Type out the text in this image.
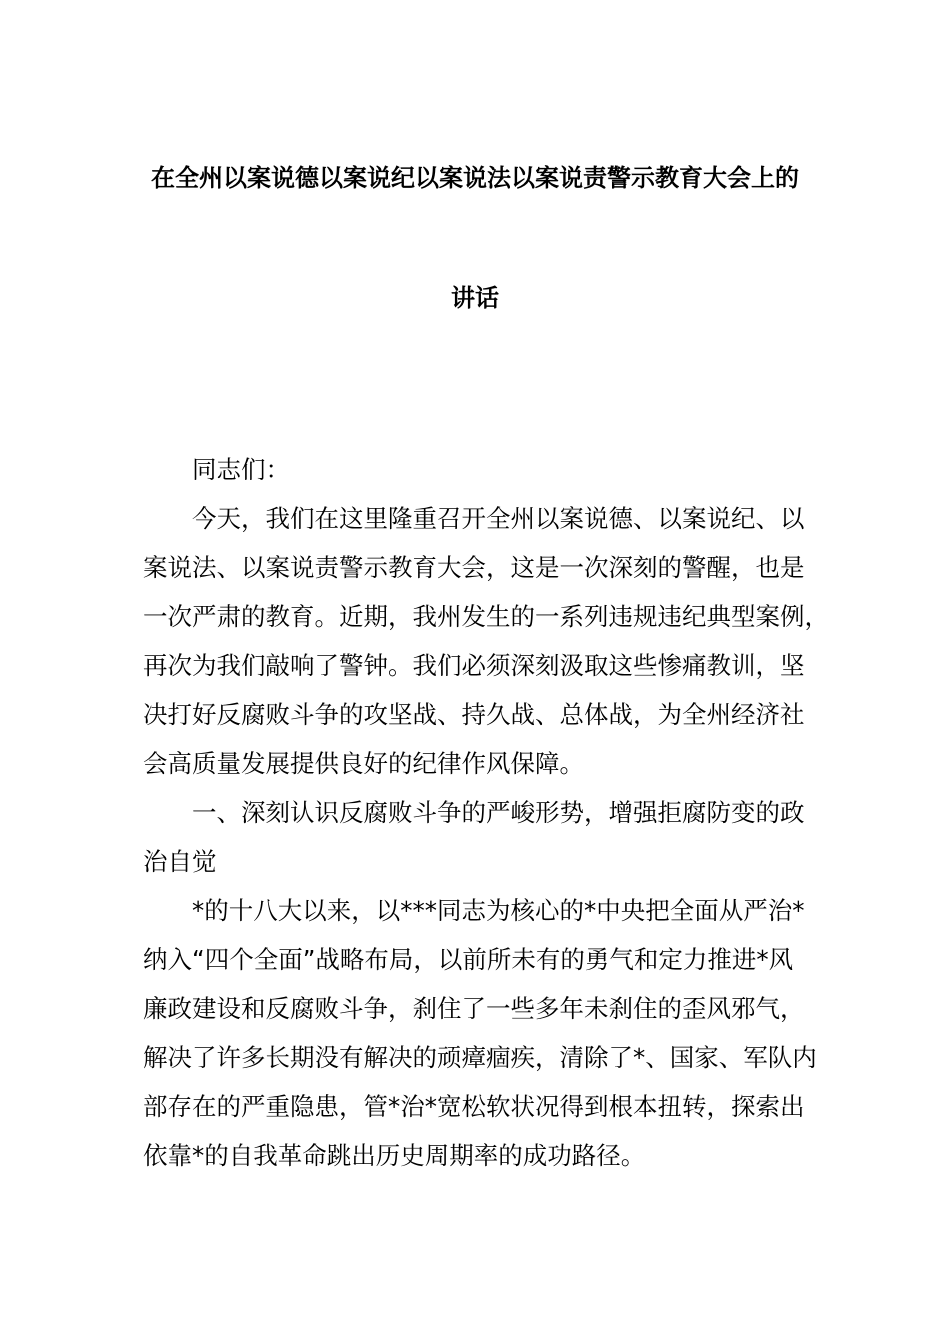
在全州以案说德以案说纪以案说法以案说责警示教育大会上的
讲话
同志们：
今天，我们在这里隆重召开全州以案说德、以案说纪、以
案说法、以案说责警示教育大会，这是一次深刻的警醒，也是
一次严肃的教育。近期，我州发生的一系列违规违纪典型案例，
再次为我们敲响了警钟。我们必须深刻汲取这些惨痛教训，坚
决打好反腐败斗争的攻坚战、持久战、总体战，为全州经济社
会高质量发展提供良好的纪律作风保障。
一、深刻认识反腐败斗争的严峻形势，增强拒腐防变的政
治自觉
*的十八大以来，以***同志为核心的*中央把全面从严治*
纳入“四个全面”战略布局，以前所未有的勇气和定力推进*风
廉政建设和反腐败斗争，刹住了一些多年未刹住的歪风邪气，
解决了许多长期没有解决的顽瘴痼疾，清除了*、国家、军队内
部存在的严重隐患，管*治*宽松软状况得到根本扭转，探索出
依靠*的自我革命跳出历史周期率的成功路径。
